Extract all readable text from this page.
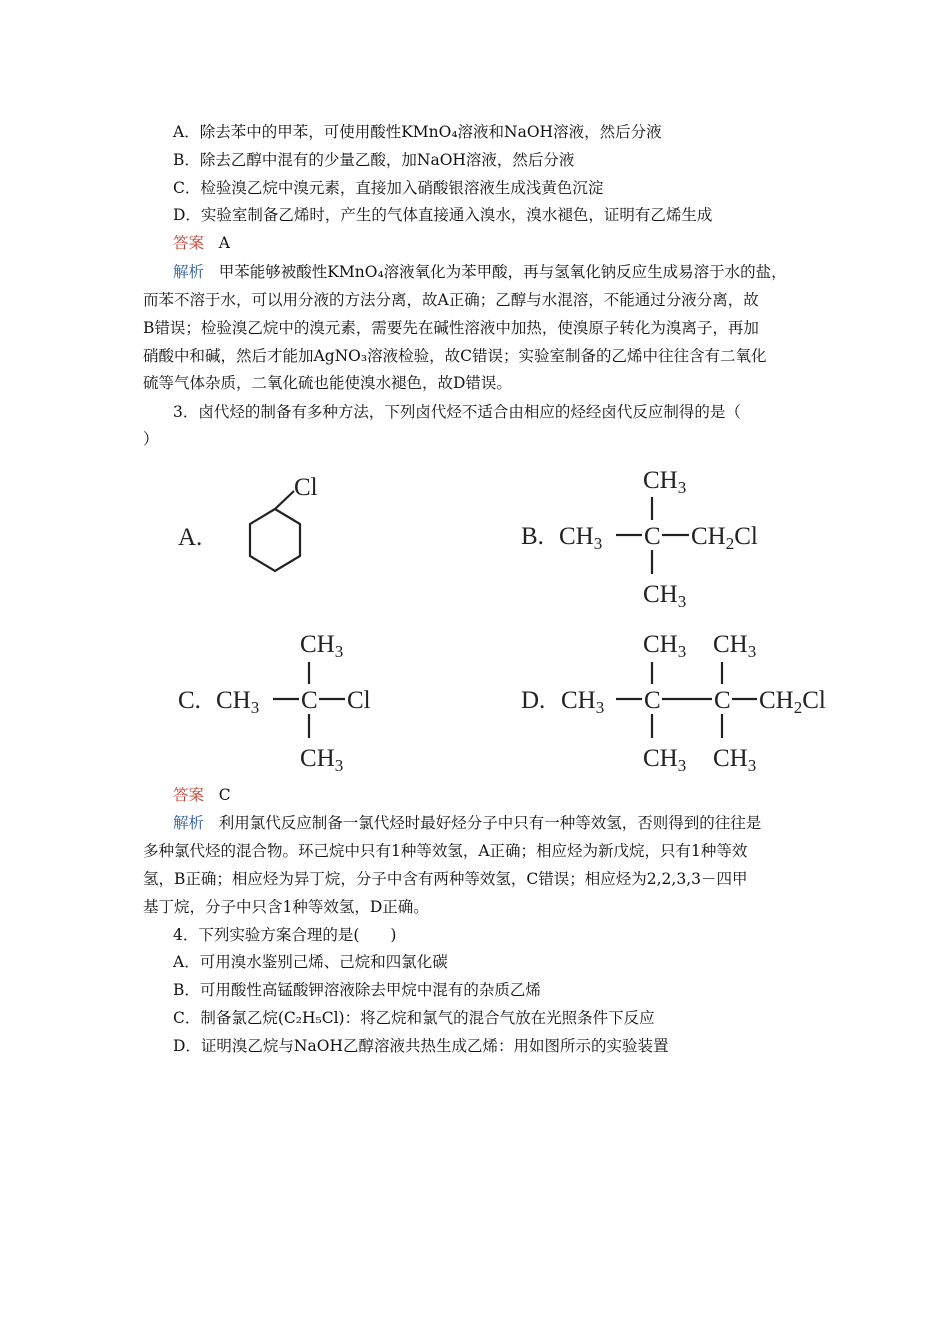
A．除去苯中的甲苯，可使用酸性KMnO₄溶液和NaOH溶液，然后分液
B．除去乙醇中混有的少量乙酸，加NaOH溶液，然后分液
C．检验溴乙烷中溴元素，直接加入硝酸银溶液生成浅黄色沉淀
D．实验室制备乙烯时，产生的气体直接通入溴水，溴水褪色，证明有乙烯生成
答案 A
解析 甲苯能够被酸性KMnO₄溶液氧化为苯甲酸，再与氢氧化钠反应生成易溶于水的盐，
而苯不溶于水，可以用分液的方法分离，故A正确；乙醇与水混溶，不能通过分液分离，故
B错误；检验溴乙烷中的溴元素，需要先在碱性溶液中加热，使溴原子转化为溴离子，再加
硝酸中和碱，然后才能加AgNO₃溶液检验，故C错误；实验室制备的乙烯中往往含有二氧化
硫等气体杂质，二氧化硫也能使溴水褪色，故D错误。
3．卤代烃的制备有多种方法，下列卤代烃不适合由相应的烃经卤代反应制得的是（
）
A.
Cl
B.
$CH_3$
$CH_3$ C $CH_2Cl$
$CH_3$
C.
$CH_3$
$CH_3$ C Cl
$CH_3$
D.
$CH_3$ $CH_3$
$CH_3$ C C $CH_2Cl$
$CH_3$ $CH_3$
答案 C
解析 利用氯代反应制备一氯代烃时最好烃分子中只有一种等效氢，否则得到的往往是
多种氯代烃的混合物。环己烷中只有1种等效氢，A正确；相应烃为新戊烷，只有1种等效
氢，B正确；相应烃为异丁烷，分子中含有两种等效氢，C错误；相应烃为2,2,3,3－四甲
基丁烷，分子中只含1种等效氢，D正确。
4．下列实验方案合理的是(　　)
A．可用溴水鉴别己烯、己烷和四氯化碳
B．可用酸性高锰酸钾溶液除去甲烷中混有的杂质乙烯
C．制备氯乙烷(C₂H₅Cl)：将乙烷和氯气的混合气放在光照条件下反应
D．证明溴乙烷与NaOH乙醇溶液共热生成乙烯：用如图所示的实验装置
